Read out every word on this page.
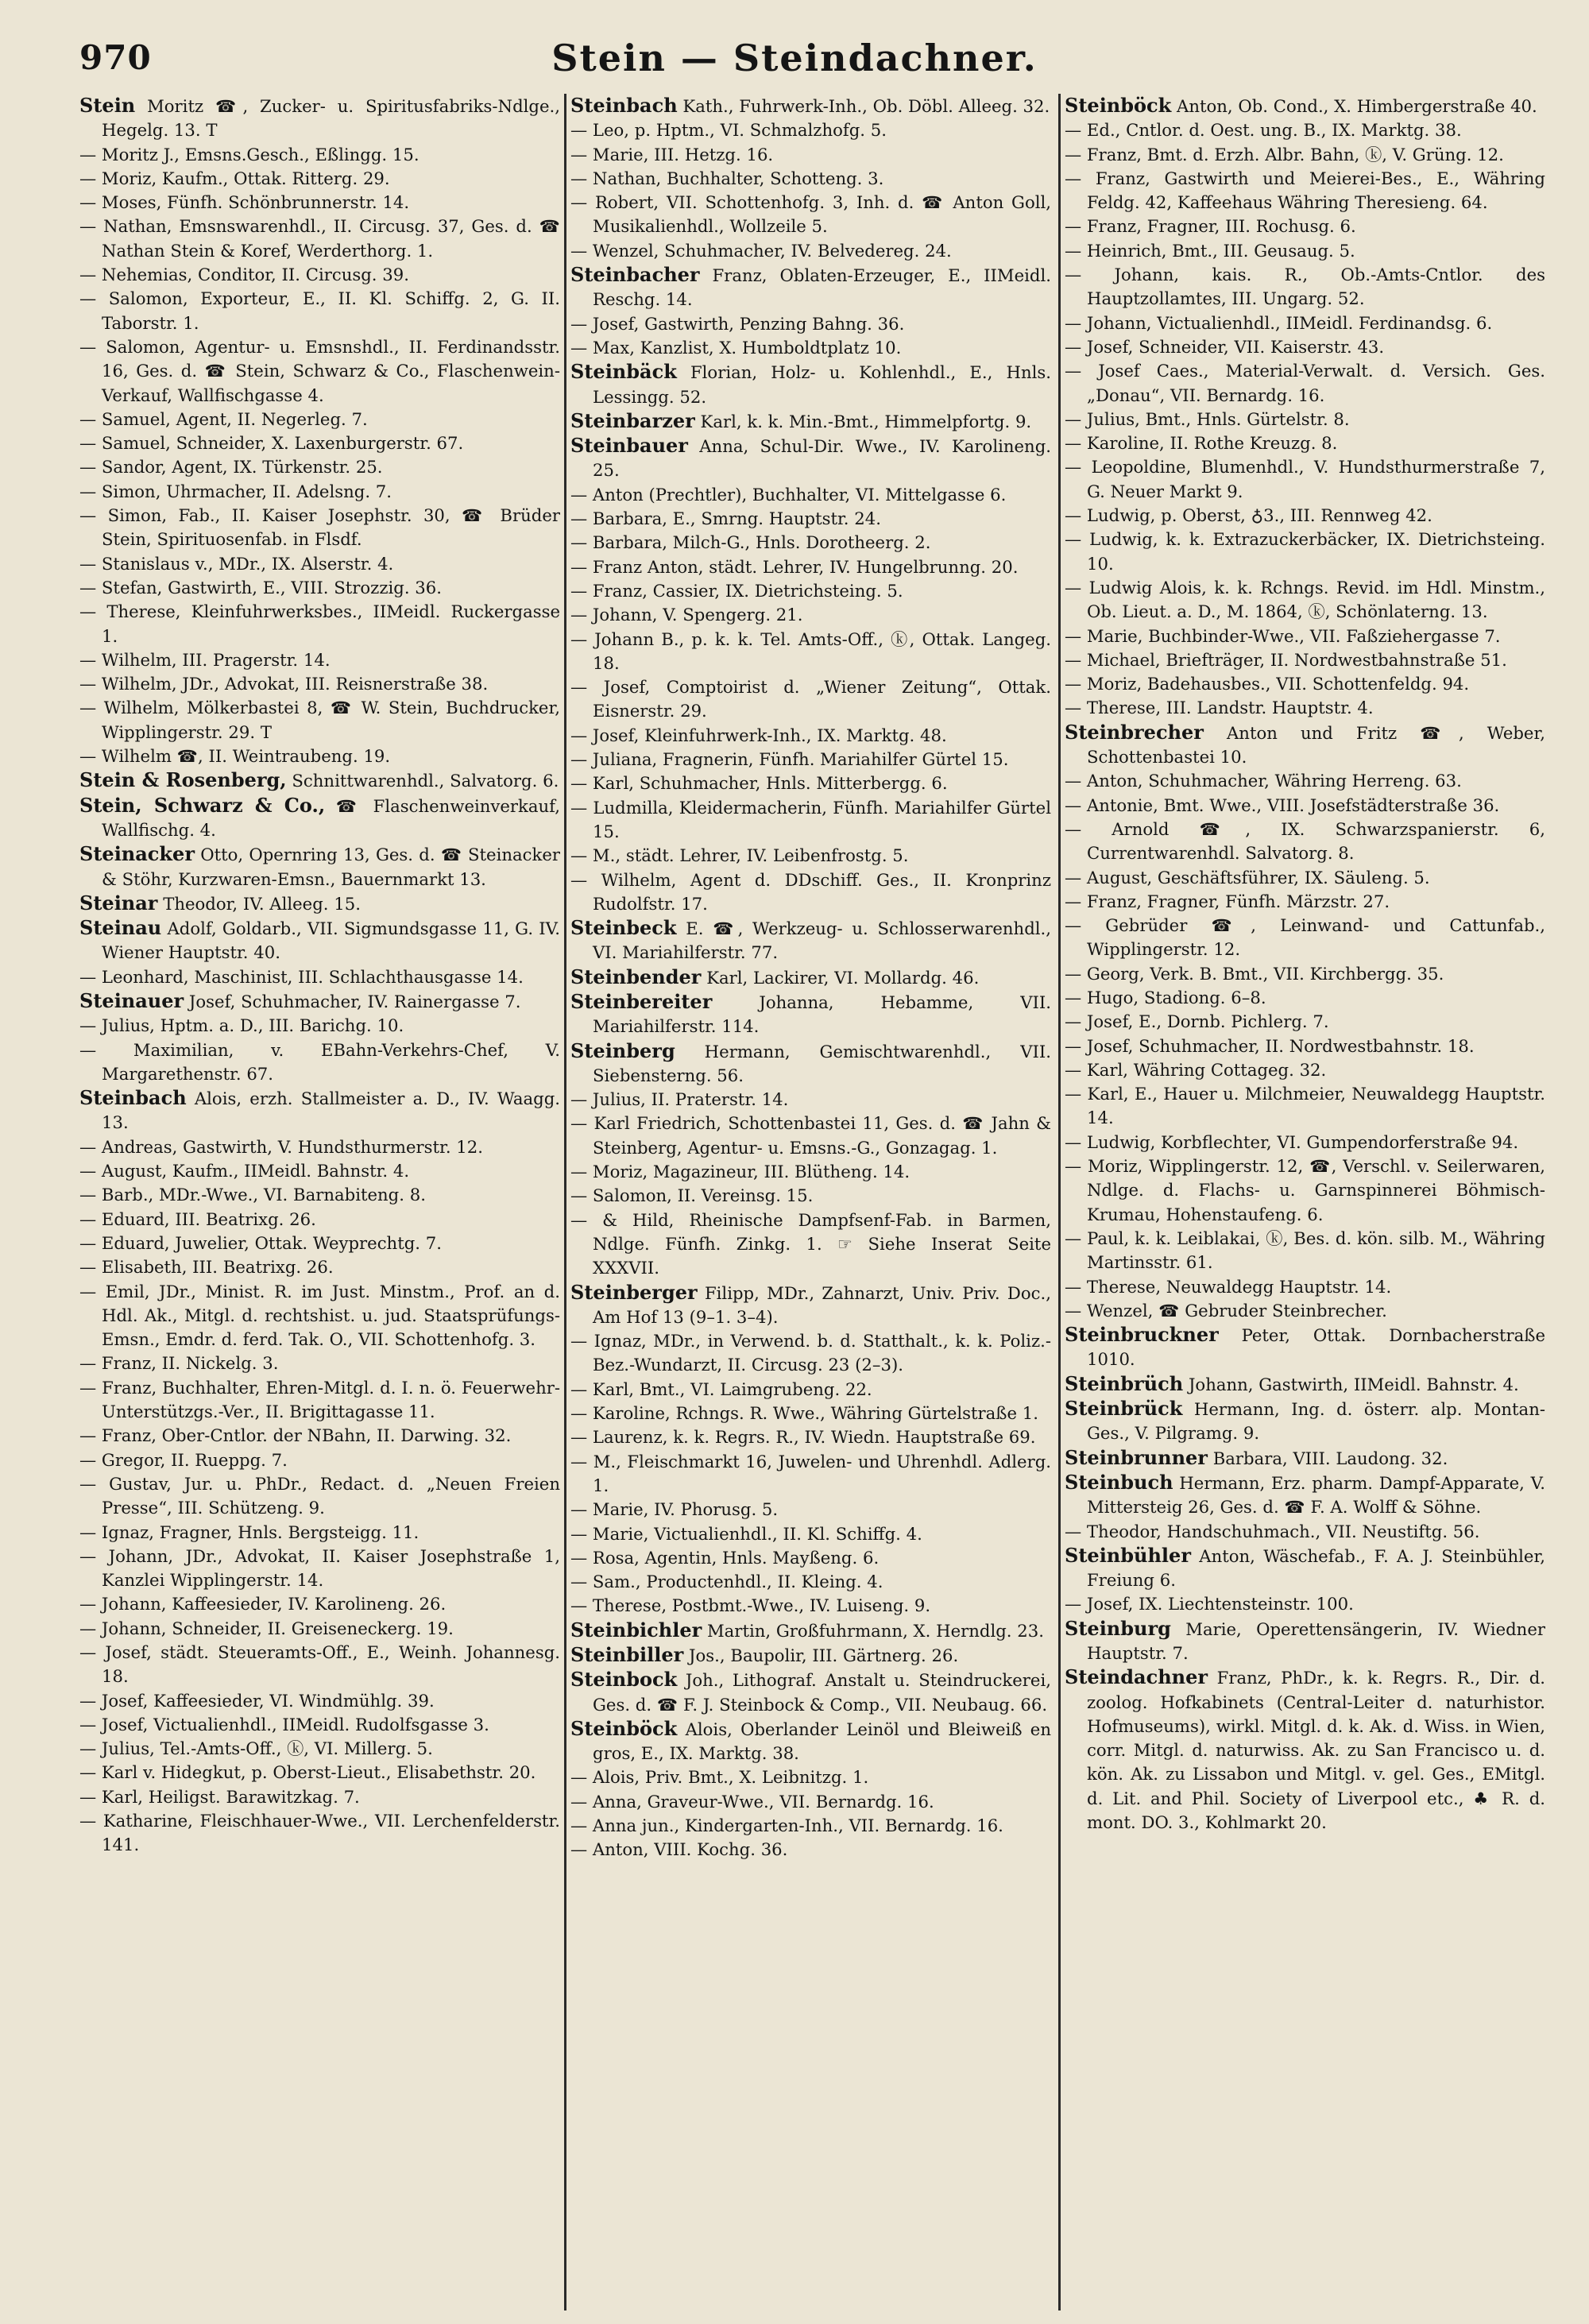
970	Stein — Steindachner.
Stein Moritz ☎, Zucker- u. Spiritusfabriks-Ndlge., Hegelg. 13. T
— Moritz J., Emsns.Gesch., Eßlingg. 15.
— Moriz, Kaufm., Ottak. Ritterg. 29.
— Moses, Fünfh. Schönbrunnerstr. 14.
— Nathan, Emsnswarenhdl., II. Circusg. 37, Ges. d. ☎ Nathan Stein & Koref, Werderthorg. 1.
— Nehemias, Conditor, II. Circusg. 39.
— Salomon, Exporteur, E., II. Kl. Schiffg. 2, G. II. Taborstr. 1.
— Salomon, Agentur- u. Emsnshdl., II. Ferdinandsstr. 16, Ges. d. ☎ Stein, Schwarz & Co., Flaschenwein-Verkauf, Wallfischgasse 4.
— Samuel, Agent, II. Negerleg. 7.
— Samuel, Schneider, X. Laxenburgerstr. 67.
— Sandor, Agent, IX. Türkenstr. 25.
— Simon, Uhrmacher, II. Adelsng. 7.
— Simon, Fab., II. Kaiser Josephstr. 30, ☎ Brüder Stein, Spirituosenfab. in Flsdf.
— Stanislaus v., MDr., IX. Alserstr. 4.
— Stefan, Gastwirth, E., VIII. Strozzig. 36.
— Therese, Kleinfuhrwerksbes., IIMeidl. Ruckergasse 1.
— Wilhelm, III. Pragerstr. 14.
— Wilhelm, JDr., Advokat, III. Reisnerstraße 38.
— Wilhelm, Mölkerbastei 8, ☎ W. Stein, Buchdrucker, Wipplingerstr. 29. T
— Wilhelm ☎, II. Weintraubeng. 19.
Stein & Rosenberg, Schnittwarenhdl., Salvatorg. 6.
Stein, Schwarz & Co., ☎ Flaschenweinverkauf, Wallfischg. 4.
Steinacker Otto, Opernring 13, Ges. d. ☎ Steinacker & Stöhr, Kurzwaren-Emsn., Bauernmarkt 13.
Steinar Theodor, IV. Alleeg. 15.
Steinau Adolf, Goldarb., VII. Sigmundsgasse 11, G. IV. Wiener Hauptstr. 40.
— Leonhard, Maschinist, III. Schlachthausgasse 14.
Steinauer Josef, Schuhmacher, IV. Rainergasse 7.
— Julius, Hptm. a. D., III. Barichg. 10.
— Maximilian, v. EBahn-Verkehrs-Chef, V. Margarethenstr. 67.
Steinbach Alois, erzh. Stallmeister a. D., IV. Waagg. 13.
— Andreas, Gastwirth, V. Hundsthurmerstr. 12.
— August, Kaufm., IIMeidl. Bahnstr. 4.
— Barb., MDr.-Wwe., VI. Barnabiteng. 8.
— Eduard, III. Beatrixg. 26.
— Eduard, Juwelier, Ottak. Weyprechtg. 7.
— Elisabeth, III. Beatrixg. 26.
— Emil, JDr., Minist. R. im Just. Minstm., Prof. an d. Hdl. Ak., Mitgl. d. rechtshist. u. jud. Staatsprüfungs-Emsn., Emdr. d. ferd. Tak. O., VII. Schottenhofg. 3.
— Franz, II. Nickelg. 3.
— Franz, Buchhalter, Ehren-Mitgl. d. I. n. ö. Feuerwehr-Unterstützgs.-Ver., II. Brigittagasse 11.
— Franz, Ober-Cntlor. der NBahn, II. Darwing. 32.
— Gregor, II. Rueppg. 7.
— Gustav, Jur. u. PhDr., Redact. d. „Neuen Freien Presse“, III. Schützeng. 9.
— Ignaz, Fragner, Hnls. Bergsteigg. 11.
— Johann, JDr., Advokat, II. Kaiser Josephstraße 1, Kanzlei Wipplingerstr. 14.
— Johann, Kaffeesieder, IV. Karolineng. 26.
— Johann, Schneider, II. Greiseneckerg. 19.
— Josef, städt. Steueramts-Off., E., Weinh. Johannesg. 18.
— Josef, Kaffeesieder, VI. Windmühlg. 39.
— Josef, Victualienhdl., IIMeidl. Rudolfsgasse 3.
— Julius, Tel.-Amts-Off., ⓚ, VI. Millerg. 5.
— Karl v. Hidegkut, p. Oberst-Lieut., Elisabethstr. 20.
— Karl, Heiligst. Barawitzkag. 7.
— Katharine, Fleischhauer-Wwe., VII. Lerchenfelderstr. 141.
Steinbach Kath., Fuhrwerk-Inh., Ob. Döbl. Alleeg. 32.
— Leo, p. Hptm., VI. Schmalzhofg. 5.
— Marie, III. Hetzg. 16.
— Nathan, Buchhalter, Schotteng. 3.
— Robert, VII. Schottenhofg. 3, Inh. d. ☎ Anton Goll, Musikalienhdl., Wollzeile 5.
— Wenzel, Schuhmacher, IV. Belvedereg. 24.
Steinbacher Franz, Oblaten-Erzeuger, E., IIMeidl. Reschg. 14.
— Josef, Gastwirth, Penzing Bahng. 36.
— Max, Kanzlist, X. Humboldtplatz 10.
Steinbäck Florian, Holz- u. Kohlenhdl., E., Hnls. Lessingg. 52.
Steinbarzer Karl, k. k. Min.-Bmt., Himmelpfortg. 9.
Steinbauer Anna, Schul-Dir. Wwe., IV. Karolineng. 25.
— Anton (Prechtler), Buchhalter, VI. Mittelgasse 6.
— Barbara, E., Smrng. Hauptstr. 24.
— Barbara, Milch-G., Hnls. Dorotheerg. 2.
— Franz Anton, städt. Lehrer, IV. Hungelbrunng. 20.
— Franz, Cassier, IX. Dietrichsteing. 5.
— Johann, V. Spengerg. 21.
— Johann B., p. k. k. Tel. Amts-Off., ⓚ, Ottak. Langeg. 18.
— Josef, Comptoirist d. „Wiener Zeitung“, Ottak. Eisnerstr. 29.
— Josef, Kleinfuhrwerk-Inh., IX. Marktg. 48.
— Juliana, Fragnerin, Fünfh. Mariahilfer Gürtel 15.
— Karl, Schuhmacher, Hnls. Mitterbergg. 6.
— Ludmilla, Kleidermacherin, Fünfh. Mariahilfer Gürtel 15.
— M., städt. Lehrer, IV. Leibenfrostg. 5.
— Wilhelm, Agent d. DDschiff. Ges., II. Kronprinz Rudolfstr. 17.
Steinbeck E. ☎, Werkzeug- u. Schlosserwarenhdl., VI. Mariahilferstr. 77.
Steinbender Karl, Lackirer, VI. Mollardg. 46.
Steinbereiter Johanna, Hebamme, VII. Mariahilferstr. 114.
Steinberg Hermann, Gemischtwarenhdl., VII. Siebensterng. 56.
— Julius, II. Praterstr. 14.
— Karl Friedrich, Schottenbastei 11, Ges. d. ☎ Jahn & Steinberg, Agentur- u. Emsns.-G., Gonzagag. 1.
— Moriz, Magazineur, III. Blütheng. 14.
— Salomon, II. Vereinsg. 15.
— & Hild, Rheinische Dampfsenf-Fab. in Barmen, Ndlge. Fünfh. Zinkg. 1. ☞ Siehe Inserat Seite XXXVII.
Steinberger Filipp, MDr., Zahnarzt, Univ. Priv. Doc., Am Hof 13 (9–1. 3–4).
— Ignaz, MDr., in Verwend. b. d. Statthalt., k. k. Poliz.-Bez.-Wundarzt, II. Circusg. 23 (2–3).
— Karl, Bmt., VI. Laimgrubeng. 22.
— Karoline, Rchngs. R. Wwe., Währing Gürtelstraße 1.
— Laurenz, k. k. Regrs. R., IV. Wiedn. Hauptstraße 69.
— M., Fleischmarkt 16, Juwelen- und Uhrenhdl. Adlerg. 1.
— Marie, IV. Phorusg. 5.
— Marie, Victualienhdl., II. Kl. Schiffg. 4.
— Rosa, Agentin, Hnls. Mayßeng. 6.
— Sam., Productenhdl., II. Kleing. 4.
— Therese, Postbmt.-Wwe., IV. Luiseng. 9.
Steinbichler Martin, Großfuhrmann, X. Herndlg. 23.
Steinbiller Jos., Baupolir, III. Gärtnerg. 26.
Steinbock Joh., Lithograf. Anstalt u. Steindruckerei, Ges. d. ☎ F. J. Steinbock & Comp., VII. Neubaug. 66.
Steinböck Alois, Oberlander Leinöl und Bleiweiß en gros, E., IX. Marktg. 38.
— Alois, Priv. Bmt., X. Leibnitzg. 1.
— Anna, Graveur-Wwe., VII. Bernardg. 16.
— Anna jun., Kindergarten-Inh., VII. Bernardg. 16.
— Anton, VIII. Kochg. 36.
Steinböck Anton, Ob. Cond., X. Himbergerstraße 40.
— Ed., Cntlor. d. Oest. ung. B., IX. Marktg. 38.
— Franz, Bmt. d. Erzh. Albr. Bahn, ⓚ, V. Grüng. 12.
— Franz, Gastwirth und Meierei-Bes., E., Währing Feldg. 42, Kaffeehaus Währing Theresieng. 64.
— Franz, Fragner, III. Rochusg. 6.
— Heinrich, Bmt., III. Geusaug. 5.
— Johann, kais. R., Ob.-Amts-Cntlor. des Hauptzollamtes, III. Ungarg. 52.
— Johann, Victualienhdl., IIMeidl. Ferdinandsg. 6.
— Josef, Schneider, VII. Kaiserstr. 43.
— Josef Caes., Material-Verwalt. d. Versich. Ges. „Donau“, VII. Bernardg. 16.
— Julius, Bmt., Hnls. Gürtelstr. 8.
— Karoline, II. Rothe Kreuzg. 8.
— Leopoldine, Blumenhdl., V. Hundsthurmerstraße 7, G. Neuer Markt 9.
— Ludwig, p. Oberst, ♁3., III. Rennweg 42.
— Ludwig, k. k. Extrazuckerbäcker, IX. Dietrichsteing. 10.
— Ludwig Alois, k. k. Rchngs. Revid. im Hdl. Minstm., Ob. Lieut. a. D., M. 1864, ⓚ, Schönlaterng. 13.
— Marie, Buchbinder-Wwe., VII. Faßziehergasse 7.
— Michael, Briefträger, II. Nordwestbahnstraße 51.
— Moriz, Badehausbes., VII. Schottenfeldg. 94.
— Therese, III. Landstr. Hauptstr. 4.
Steinbrecher Anton und Fritz ☎, Weber, Schottenbastei 10.
— Anton, Schuhmacher, Währing Herreng. 63.
— Antonie, Bmt. Wwe., VIII. Josefstädterstraße 36.
— Arnold ☎, IX. Schwarzspanierstr. 6, Currentwarenhdl. Salvatorg. 8.
— August, Geschäftsführer, IX. Säuleng. 5.
— Franz, Fragner, Fünfh. Märzstr. 27.
— Gebrüder ☎, Leinwand- und Cattunfab., Wipplingerstr. 12.
— Georg, Verk. B. Bmt., VII. Kirchbergg. 35.
— Hugo, Stadiong. 6–8.
— Josef, E., Dornb. Pichlerg. 7.
— Josef, Schuhmacher, II. Nordwestbahnstr. 18.
— Karl, Währing Cottageg. 32.
— Karl, E., Hauer u. Milchmeier, Neuwaldegg Hauptstr. 14.
— Ludwig, Korbflechter, VI. Gumpendorferstraße 94.
— Moriz, Wipplingerstr. 12, ☎, Verschl. v. Seilerwaren, Ndlge. d. Flachs- u. Garnspinnerei Böhmisch-Krumau, Hohenstaufeng. 6.
— Paul, k. k. Leiblakai, ⓚ, Bes. d. kön. silb. M., Währing Martinsstr. 61.
— Therese, Neuwaldegg Hauptstr. 14.
— Wenzel, ☎ Gebruder Steinbrecher.
Steinbruckner Peter, Ottak. Dornbacherstraße 1010.
Steinbrüch Johann, Gastwirth, IIMeidl. Bahnstr. 4.
Steinbrück Hermann, Ing. d. österr. alp. Montan-Ges., V. Pilgramg. 9.
Steinbrunner Barbara, VIII. Laudong. 32.
Steinbuch Hermann, Erz. pharm. Dampf-Apparate, V. Mittersteig 26, Ges. d. ☎ F. A. Wolff & Söhne.
— Theodor, Handschuhmach., VII. Neustiftg. 56.
Steinbühler Anton, Wäschefab., F. A. J. Steinbühler, Freiung 6.
— Josef, IX. Liechtensteinstr. 100.
Steinburg Marie, Operettensängerin, IV. Wiedner Hauptstr. 7.
Steindachner Franz, PhDr., k. k. Regrs. R., Dir. d. zoolog. Hofkabinets (Central-Leiter d. naturhistor. Hofmuseums), wirkl. Mitgl. d. k. Ak. d. Wiss. in Wien, corr. Mitgl. d. naturwiss. Ak. zu San Francisco u. d. kön. Ak. zu Lissabon und Mitgl. v. gel. Ges., EMitgl. d. Lit. and Phil. Society of Liverpool etc., ♣ R. d. mont. DO. 3., Kohlmarkt 20.
